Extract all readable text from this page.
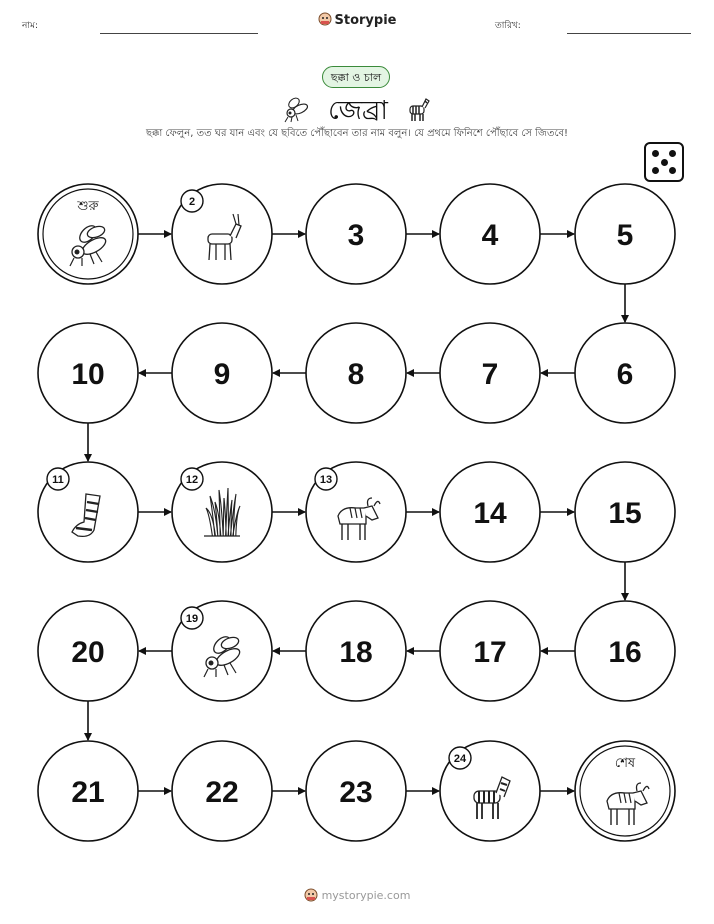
নাম:	Storypie	তারিখ:
ছক্কা ও চাল
জেব্রা
ছক্কা ফেলুন, তত ঘর যান এবং যে ছবিতে পৌঁছাবেন তার নাম বলুন। যে প্রথমে ফিনিশে পৌঁছাবে সে জিতবে!
শুরু	2
3	4	5
6
7
8
9
10
11	12	13
14	15
16
17
18
19
20
21	22	23
24	শেষ
mystorypie.com
